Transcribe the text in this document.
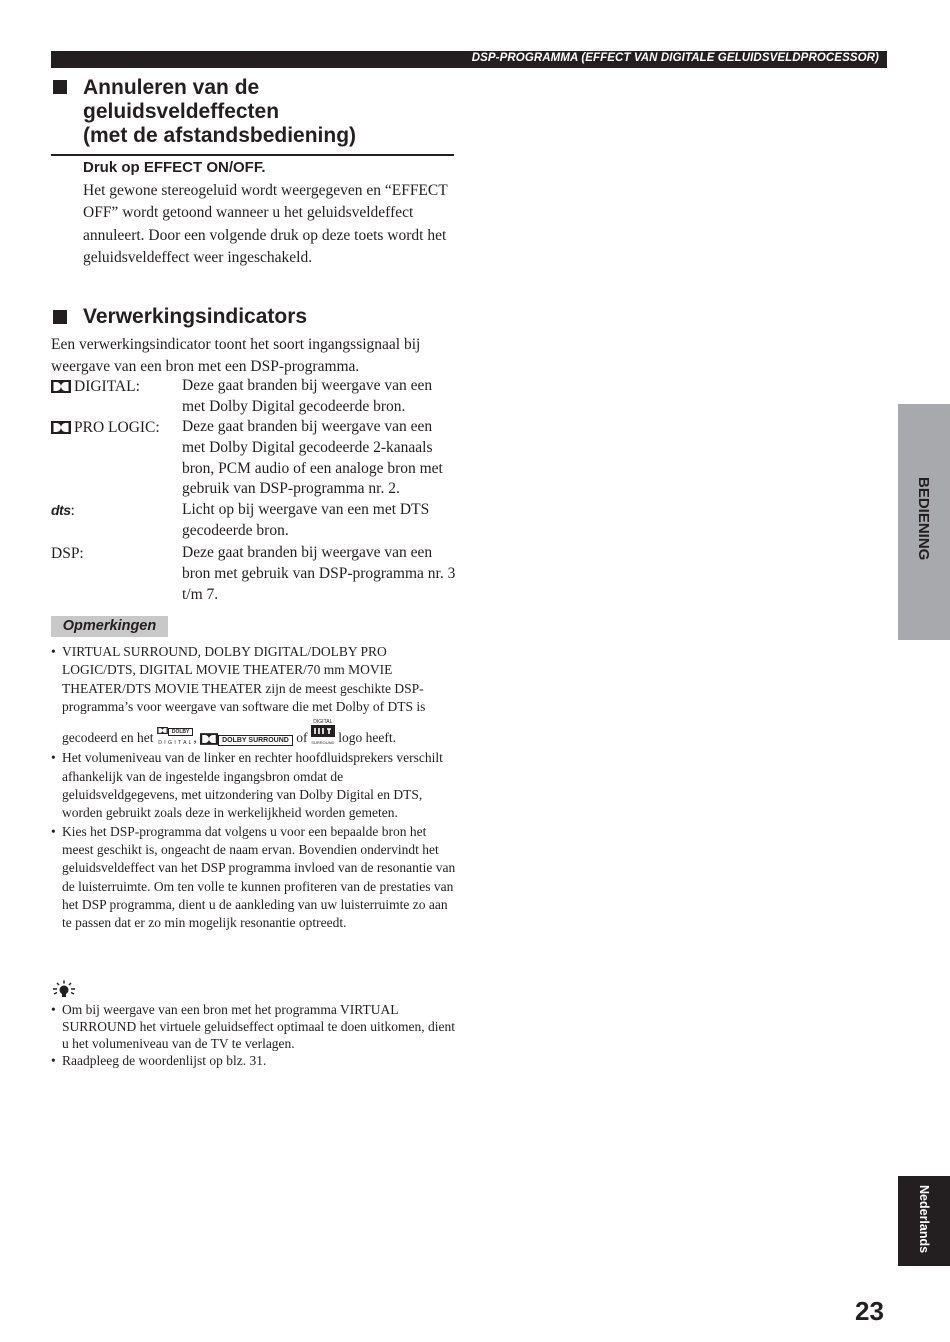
DSP-PROGRAMMA (EFFECT VAN DIGITALE GELUIDSVELDPROCESSOR)
Annuleren van de
geluidsveldeffecten
(met de afstandsbediening)
Druk op EFFECT ON/OFF.
Het gewone stereogeluid wordt weergegeven en “EFFECT OFF” wordt getoond wanneer u het geluidsveldeffect annuleert. Door een volgende druk op deze toets wordt het geluidsveldeffect weer ingeschakeld.
Verwerkingsindicators
Een verwerkingsindicator toont het soort ingangssignaal bij weergave van een bron met een DSP-programma.
DIGITAL:	Deze gaat branden bij weergave van een met Dolby Digital gecodeerde bron.
PRO LOGIC: Deze gaat branden bij weergave van een met Dolby Digital gecodeerde 2-kanaals bron, PCM audio of een analoge bron met gebruik van DSP-programma nr. 2.
dts:	Licht op bij weergave van een met DTS gecodeerde bron.
DSP:	Deze gaat branden bij weergave van een bron met gebruik van DSP-programma nr. 3 t/m 7.
Opmerkingen
• VIRTUAL SURROUND, DOLBY DIGITAL/DOLBY PRO LOGIC/DTS, DIGITAL MOVIE THEATER/70 mm MOVIE THEATER/DTS MOVIE THEATER zijn de meest geschikte DSP-programma’s voor weergave van software die met Dolby of DTS is gecodeerd en het	DOLBY
D I G I T A L,	DOLBY SURROUND of DIGITAL

SURROUND logo heeft.
• Het volumeniveau van de linker en rechter hoofdluidsprekers verschilt afhankelijk van de ingestelde ingangsbron omdat de geluidsveldgegevens, met uitzondering van Dolby Digital en DTS, worden gebruikt zoals deze in werkelijkheid worden gemeten.
• Kies het DSP-programma dat volgens u voor een bepaalde bron het meest geschikt is, ongeacht de naam ervan. Bovendien ondervindt het geluidsveldeffect van het DSP programma invloed van de resonantie van de luisterruimte. Om ten volle te kunnen profiteren van de prestaties van het DSP programma, dient u de aankleding van uw luisterruimte zo aan te passen dat er zo min mogelijk resonantie optreedt.
• Om bij weergave van een bron met het programma VIRTUAL SURROUND het virtuele geluidseffect optimaal te doen uitkomen, dient u het volumeniveau van de TV te verlagen.
• Raadpleeg de woordenlijst op blz. 31.
BEDIENING
Nederlands
23
